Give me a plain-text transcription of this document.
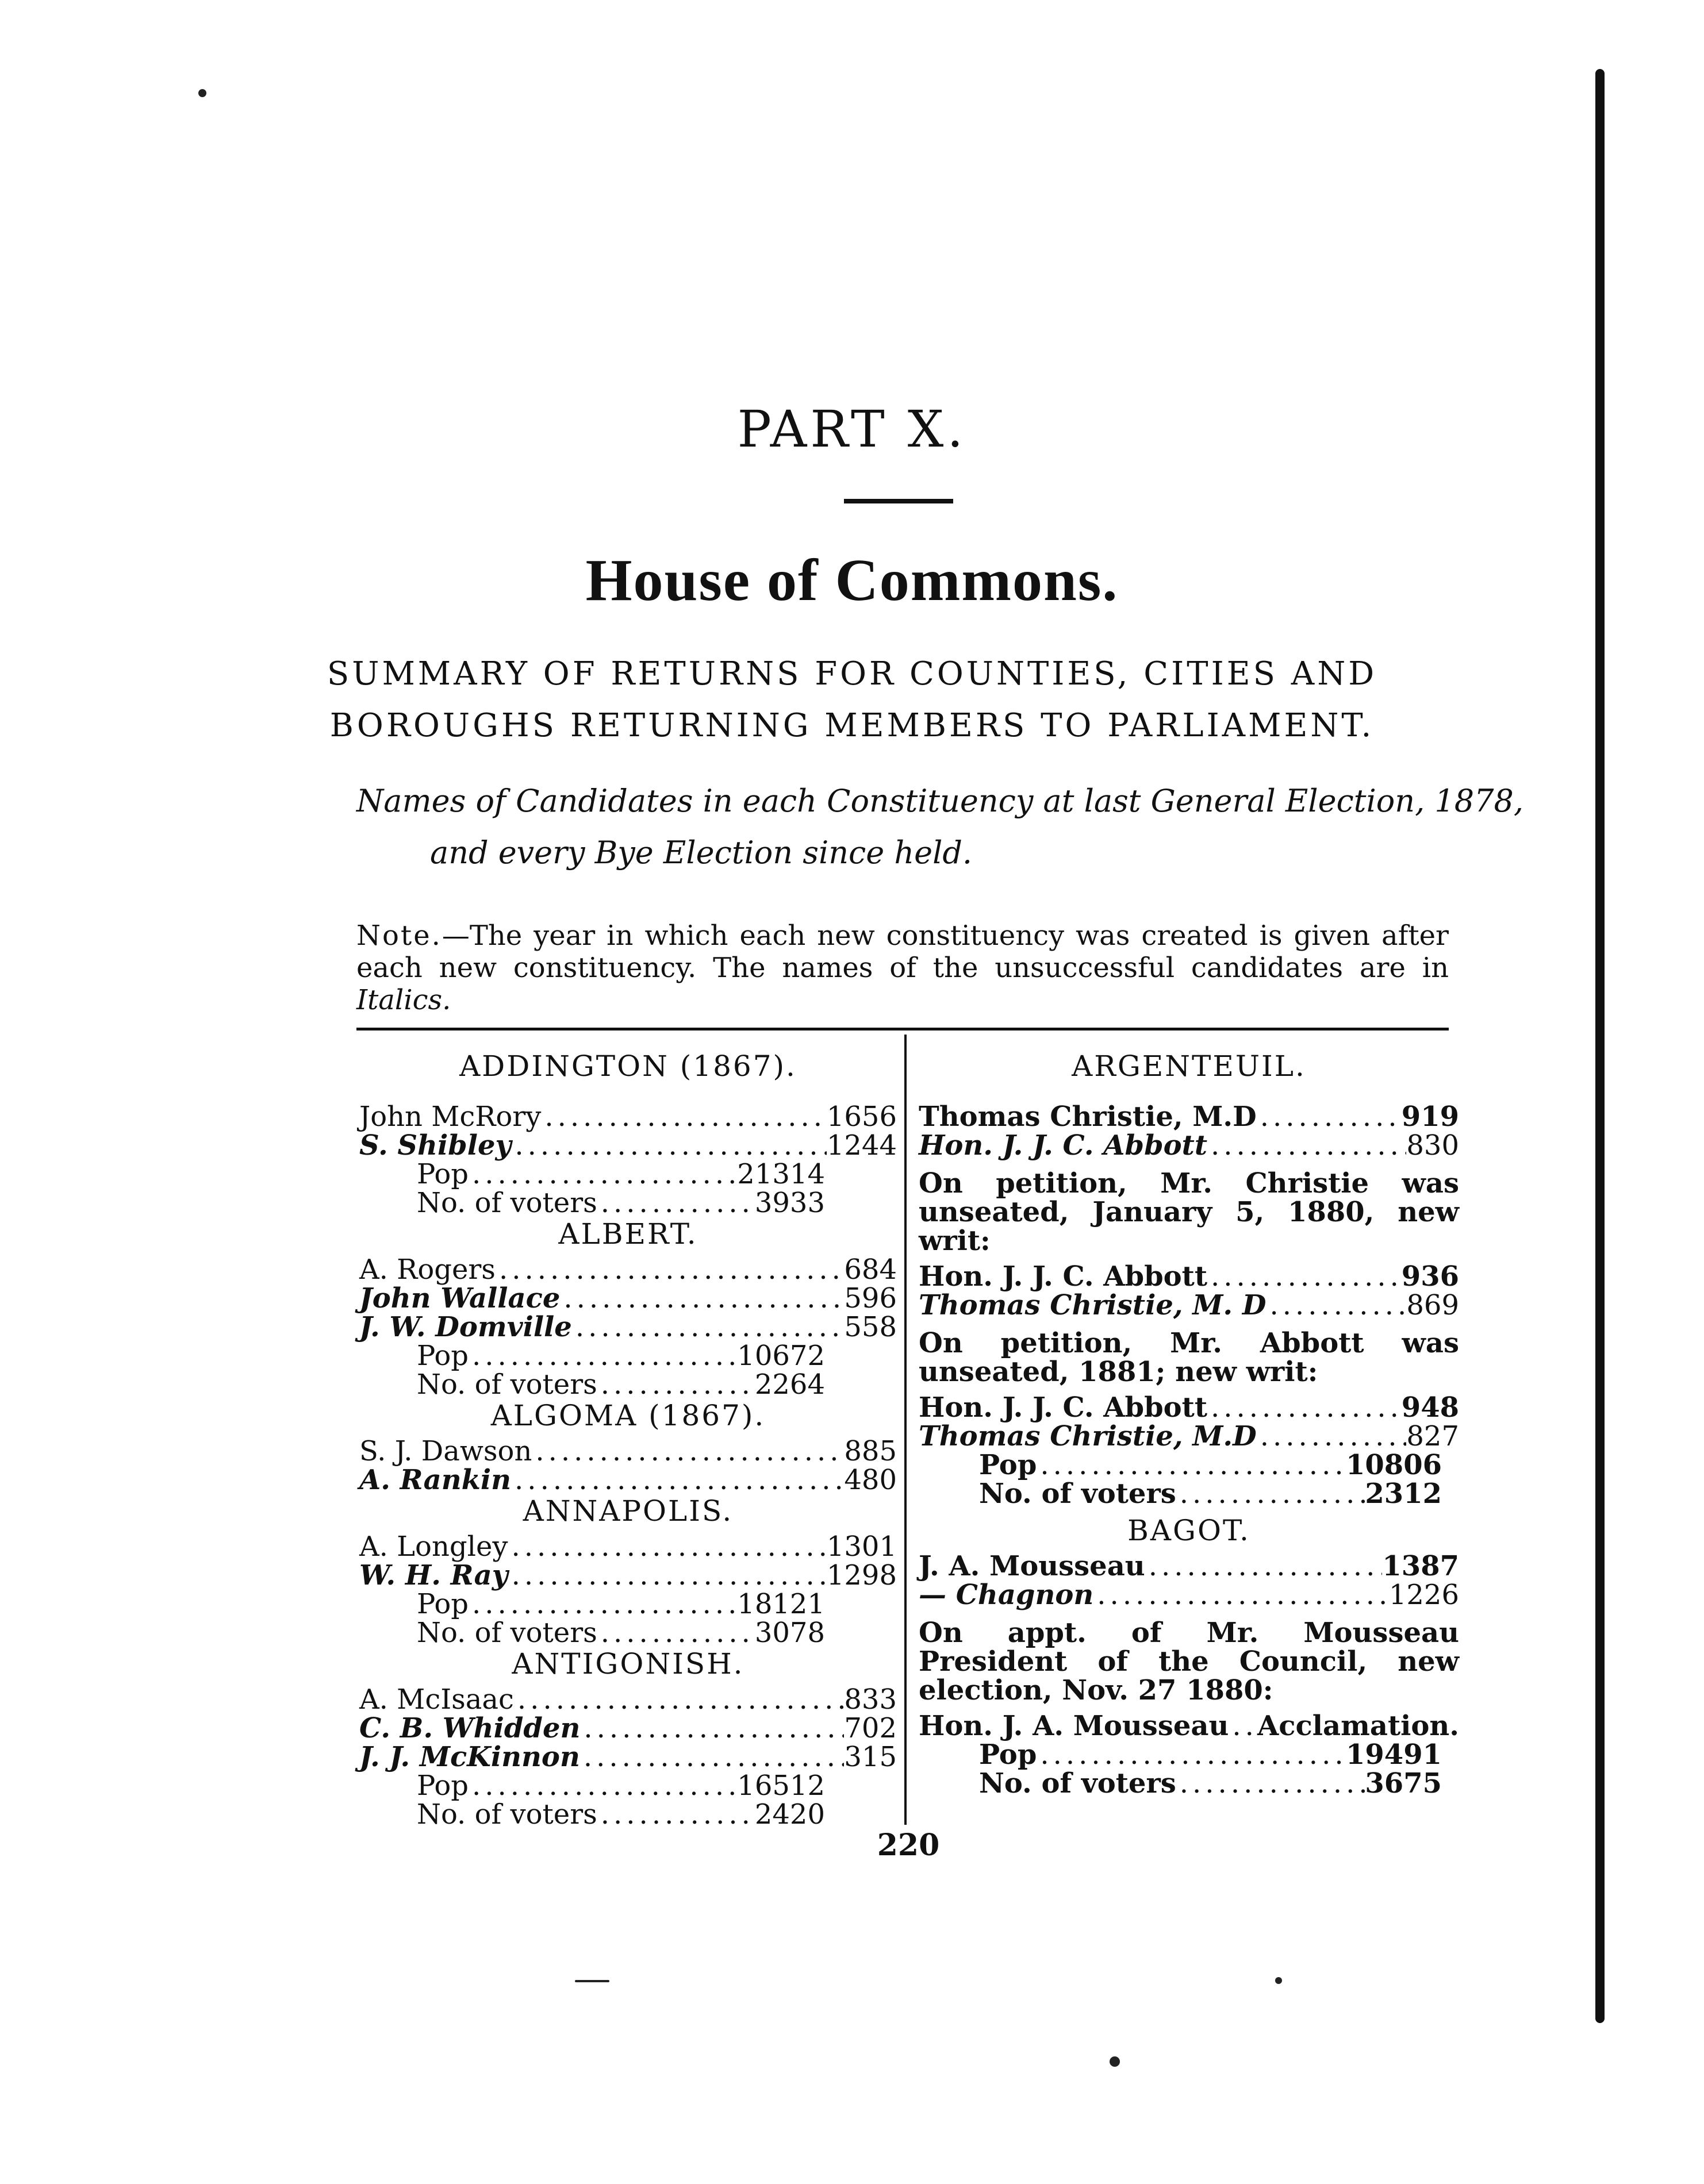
PART X.
House of Commons.
SUMMARY OF RETURNS FOR COUNTIES, CITIES AND
BOROUGHS RETURNING MEMBERS TO PARLIAMENT.
Names of Candidates in each Constituency at last General Election, 1878,
and every Bye Election since held.
Note.—The year in which each new constituency was created is given after each new constituency. The names of the unsuccessful candidates are in Italics.
ADDINGTON (1867).
John McRory .....	1656
S. Shibley .....	1244
Pop .....	21314
No. of voters .....	3933
ALBERT.
A. Rogers .....	684
John Wallace .....	596
J. W. Domville .....	558
Pop .....	10672
No. of voters .....	2264
ALGOMA (1867).
S. J. Dawson .....	885
A. Rankin .....	480
ANNAPOLIS.
A. Longley .....	1301
W. H. Ray .....	1298
Pop .....	18121
No. of voters .....	3078
ANTIGONISH.
A. McIsaac .....	833
C. B. Whidden .....	702
J. J. McKinnon .....	315
Pop .....	16512
No. of voters .....	2420
ARGENTEUIL.
Thomas Christie, M.D .....	919
Hon. J. J. C. Abbott .....	830
On petition, Mr. Christie was unseated, January 5, 1880, new writ:
Hon. J. J. C. Abbott .....	936
Thomas Christie, M. D .....	869
On petition, Mr. Abbott was unseated, 1881; new writ:
Hon. J. J. C. Abbott .....	948
Thomas Christie, M.D .....	827
Pop .....	10806
No. of voters .....	2312
BAGOT.
J. A. Mousseau .....	1387
— Chagnon .....	1226
On appt. of Mr. Mousseau President of the Council, new election, Nov. 27 1880:
Hon. J. A. Mousseau ..... Acclamation.
Pop .....	19491
No. of voters .....	3675
220
